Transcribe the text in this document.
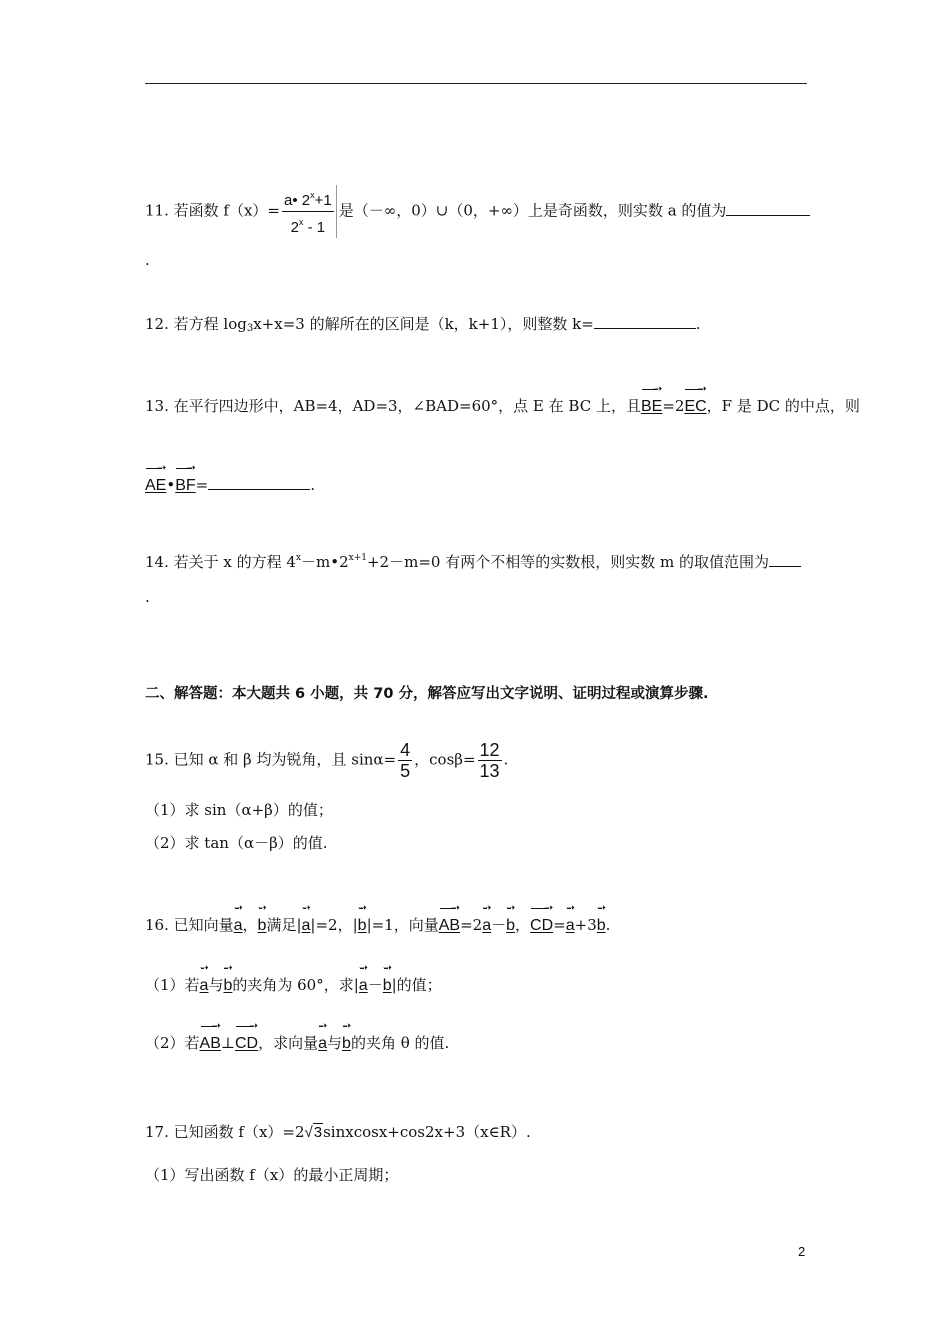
11. 若函数 $f(x)= \frac{a• 2^x+1}{2^x - 1}$ 是（－∞，0）∪（0，+∞）上是奇函数，则实数 a 的值为
.
12. 若方程 $\log_3x+x=3$ 的解所在的区间是（k，k+1），则整数 k=	.
13. 在平行四边形中，AB=4，AD=3，∠BAD=60°，点 E 在 BC 上，且
➝
BE=2
➝
EC，F 是 DC 的中点，则
➝
AE•
➝
BF=	.
14. 若关于 x 的方程 $4^x-m•2^{x+1}+2-m=0$ 有两个不相等的实数根，则实数 m 的取值范围为
.
二、解答题：本大题共 6 小题，共 70 分，解答应写出文字说明、证明过程或演算步骤.
15. 已知 α 和 β 均为锐角，且 $\sin\alpha= \frac{4}{5}$ ，$\cos\beta= \frac{12}{13}$ .
（1）求 sin（α+β）的值；
（2）求 tan（α－β）的值.
16. 已知向量
➝
a，
➝
b满足|
➝
a|=2，|
➝
b|=1，向量
➝
AB=2
➝
a－
➝
b，
➝
CD=
➝
a+3
➝
b.
（1）若
➝
a与
➝
b的夹角为 60°，求|
➝
a－
➝
b|的值；
（2）若
➝
AB⊥
➝
CD，求向量
➝
a与
➝
b的夹角 θ 的值.
17. 已知函数 f（x）=2√3sinxcosx+cos2x+3（x∈R）.
（1）写出函数 f（x）的最小正周期；
2
